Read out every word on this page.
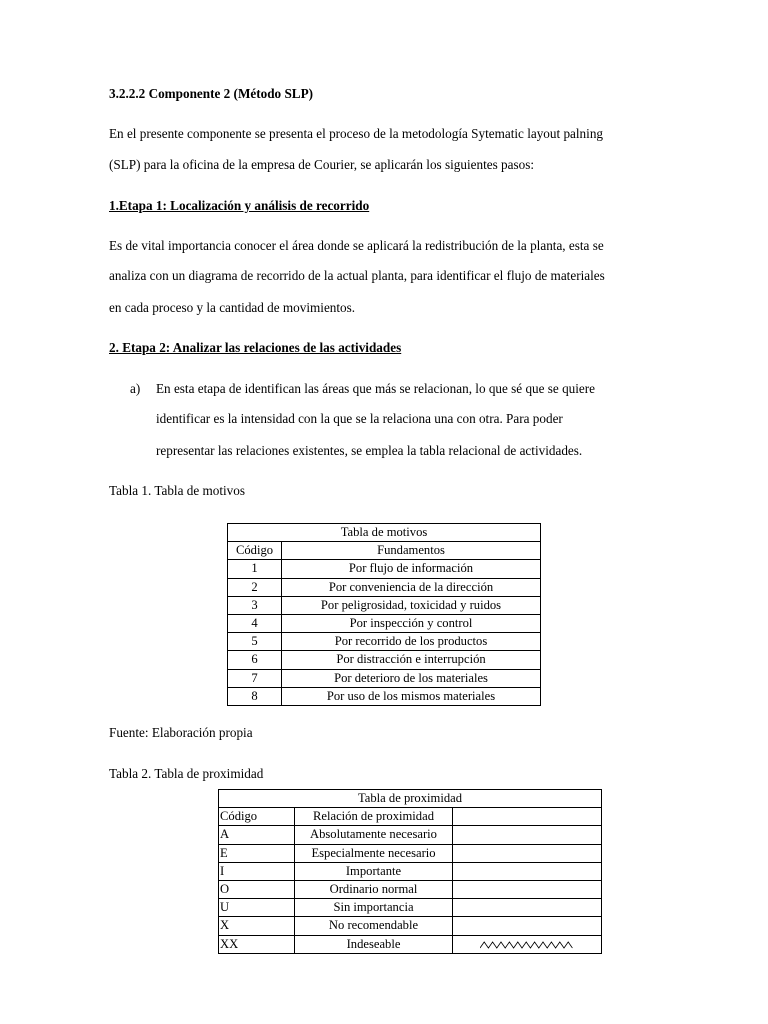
3.2.2.2 Componente 2 (Método SLP)
En el presente componente se presenta el proceso de la metodología Sytematic layout palning
(SLP) para la oficina de la empresa de Courier, se aplicarán los siguientes pasos:
1.Etapa 1: Localización y análisis de recorrido
Es de vital importancia conocer el área donde se aplicará la redistribución de la planta, esta se
analiza con un diagrama de recorrido de la actual planta, para identificar el flujo de materiales
en cada proceso y la cantidad de movimientos.
2. Etapa 2: Analizar las relaciones de las actividades
a) En esta etapa de identifican las áreas que más se relacionan, lo que sé que se quiere
identificar es la intensidad con la que se la relaciona una con otra. Para poder
representar las relaciones existentes, se emplea la tabla relacional de actividades.
Tabla 1. Tabla de motivos
Tabla de motivos	
Código	Fundamentos
1	Por flujo de información
2	Por conveniencia de la dirección
3	Por peligrosidad, toxicidad y ruidos
4	Por inspección y control
5	Por recorrido de los productos
6	Por distracción e interrupción
7	Por deterioro de los materiales
8	Por uso de los mismos materiales
Fuente: Elaboración propia
Tabla 2. Tabla de proximidad
Tabla de proximidad		
Código	Relación de proximidad	
A	Absolutamente necesario	
E	Especialmente necesario	
I	Importante	
O	Ordinario normal	
U	Sin importancia	
X	No recomendable	
XX	Indeseable	
